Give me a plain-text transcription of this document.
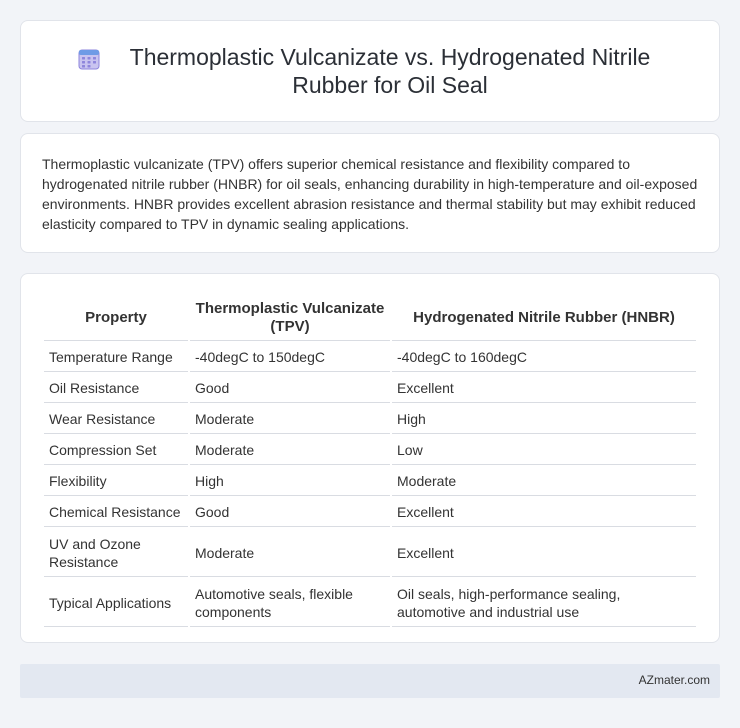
Thermoplastic Vulcanizate vs. Hydrogenated Nitrile Rubber for Oil Seal

Thermoplastic vulcanizate (TPV) offers superior chemical resistance and flexibility compared to hydrogenated nitrile rubber (HNBR) for oil seals, enhancing durability in high-temperature and oil-exposed environments. HNBR provides excellent abrasion resistance and thermal stability but may exhibit reduced elasticity compared to TPV in dynamic sealing applications.

Property	Thermoplastic Vulcanizate (TPV)	Hydrogenated Nitrile Rubber (HNBR)
Temperature Range	-40degC to 150degC	-40degC to 160degC
Oil Resistance	Good	Excellent
Wear Resistance	Moderate	High
Compression Set	Moderate	Low
Flexibility	High	Moderate
Chemical Resistance	Good	Excellent
UV and Ozone Resistance	Moderate	Excellent
Typical Applications	Automotive seals, flexible components	Oil seals, high-performance sealing, automotive and industrial use
AZmater.com
